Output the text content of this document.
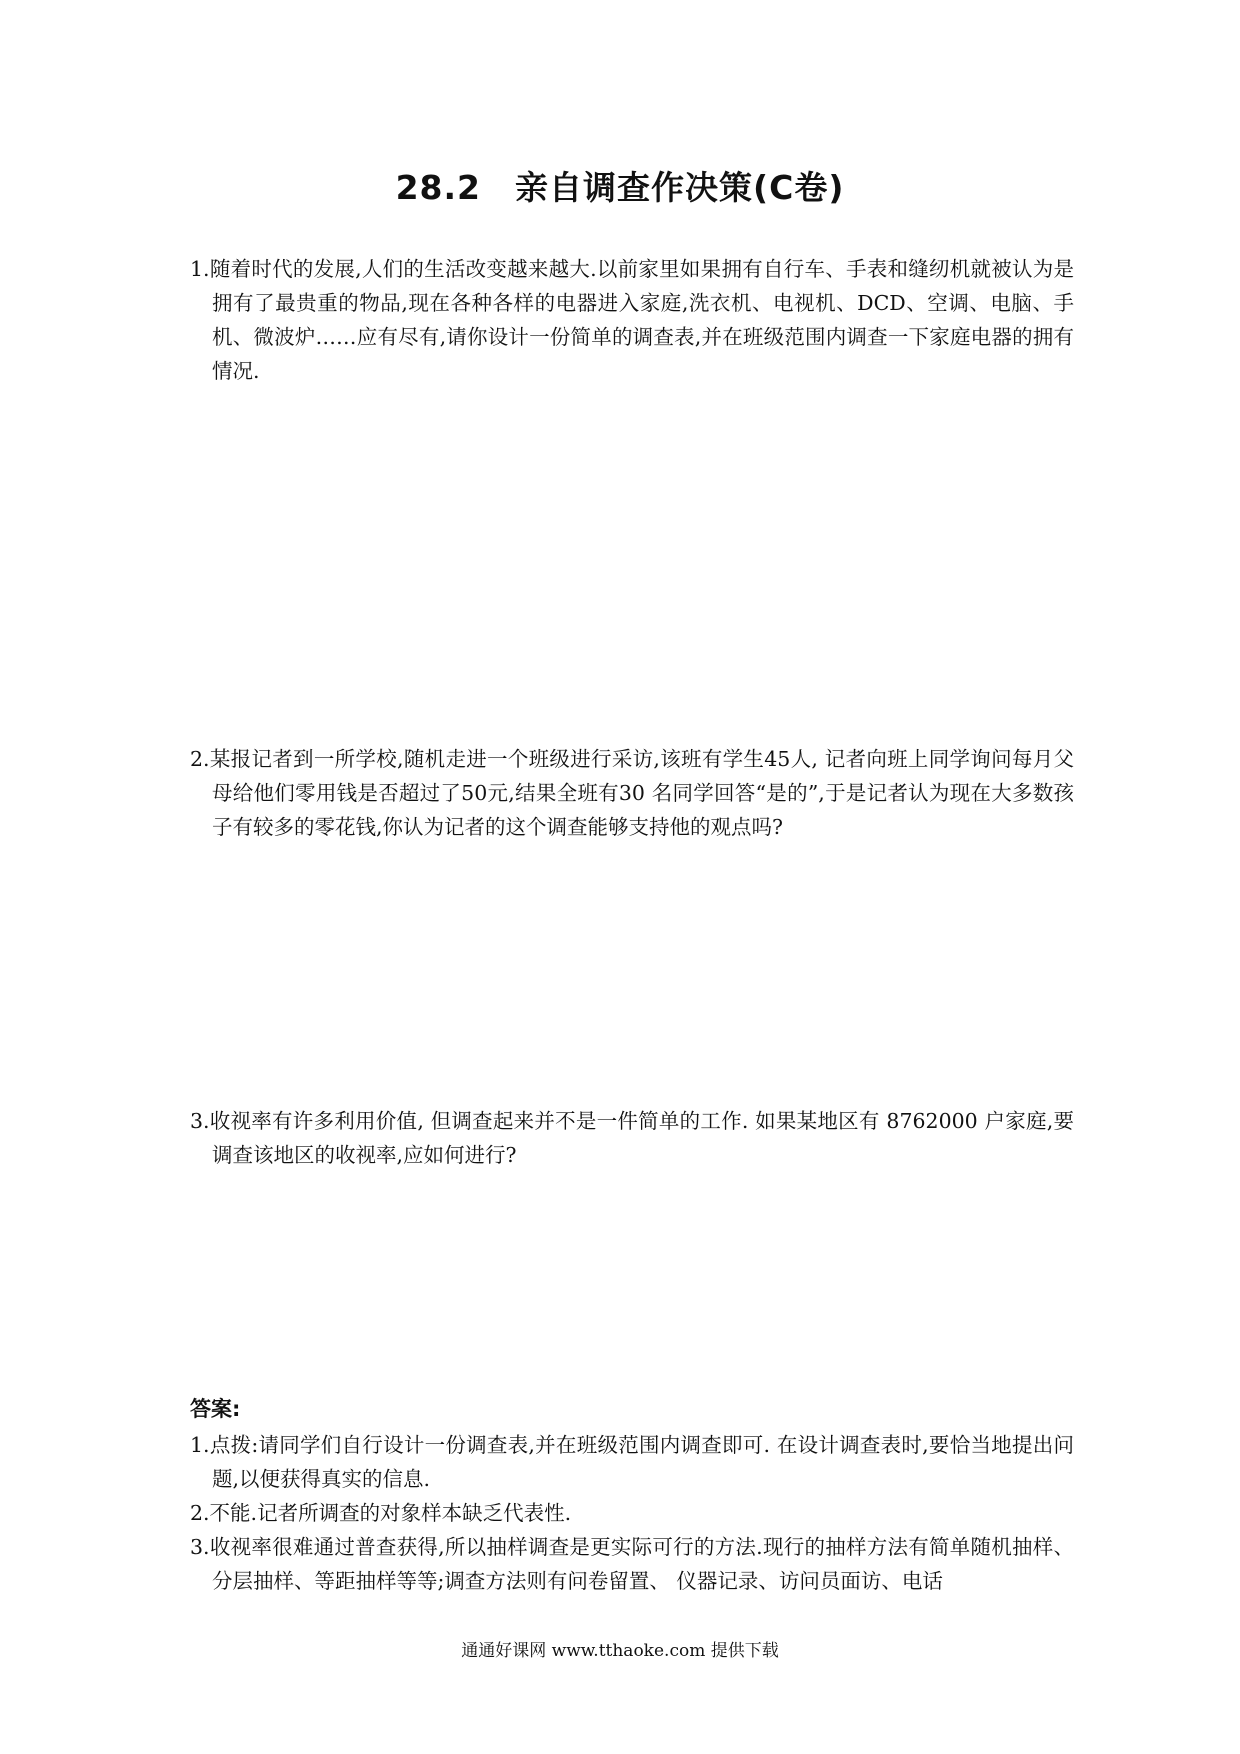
28.2　亲自调查作决策(C卷)
1.随着时代的发展,人们的生活改变越来越大.以前家里如果拥有自行车、手表和缝纫机就被认为是拥有了最贵重的物品,现在各种各样的电器进入家庭,洗衣机、电视机、DCD、空调、电脑、手机、微波炉……应有尽有,请你设计一份简单的调查表,并在班级范围内调查一下家庭电器的拥有情况.
2.某报记者到一所学校,随机走进一个班级进行采访,该班有学生45人, 记者向班上同学询问每月父母给他们零用钱是否超过了50元,结果全班有30 名同学回答“是的”,于是记者认为现在大多数孩子有较多的零花钱,你认为记者的这个调查能够支持他的观点吗?
3.收视率有许多利用价值, 但调查起来并不是一件简单的工作. 如果某地区有 8762000 户家庭,要调查该地区的收视率,应如何进行?
答案:
1.点拨:请同学们自行设计一份调查表,并在班级范围内调查即可. 在设计调查表时,要恰当地提出问题,以便获得真实的信息.
2.不能.记者所调查的对象样本缺乏代表性.
3.收视率很难通过普查获得,所以抽样调查是更实际可行的方法.现行的抽样方法有简单随机抽样、分层抽样、等距抽样等等;调查方法则有问卷留置、 仪器记录、访问员面访、电话
通通好课网 www.tthaoke.com 提供下载
